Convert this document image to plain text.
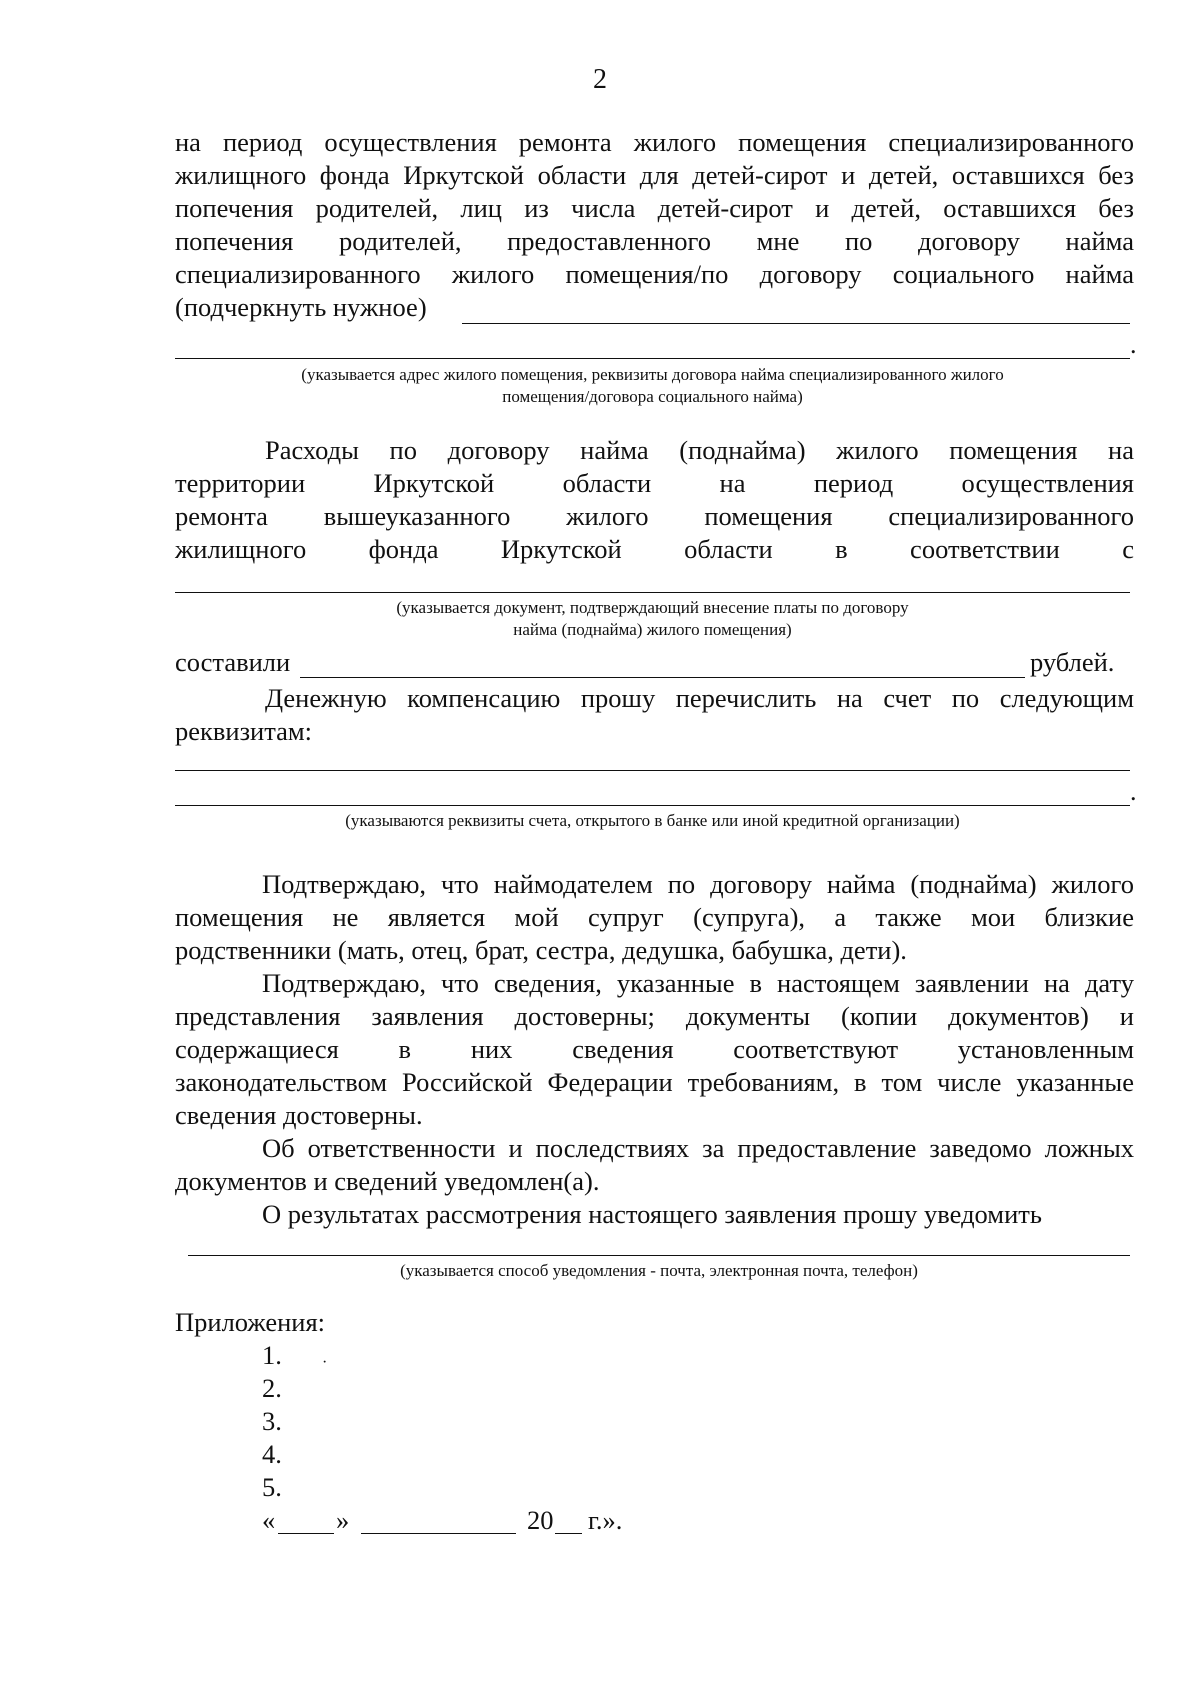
2
на период осуществления ремонта жилого помещения специализированного
жилищного фонда Иркутской области для детей-сирот и детей, оставшихся без
попечения родителей, лиц из числа детей-сирот и детей, оставшихся без
попечения родителей, предоставленного мне по договору найма
специализированного жилого помещения/по договору социального найма
(подчеркнуть нужное)
.
(указывается адрес жилого помещения, реквизиты договора найма специализированного жилого
помещения/договора социального найма)
Расходы по договору найма (поднайма) жилого помещения на
территории Иркутской области на период осуществления
ремонта вышеуказанного жилого помещения специализированного
жилищного фонда Иркутской области в соответствии с
(указывается документ, подтверждающий внесение платы по договору
найма (поднайма) жилого помещения)
составили	рублей.
Денежную компенсацию прошу перечислить на счет по следующим
реквизитам:
.
(указываются реквизиты счета, открытого в банке или иной кредитной организации)
Подтверждаю, что наймодателем по договору найма (поднайма) жилого
помещения не является мой супруг (супруга), а также мои близкие
родственники (мать, отец, брат, сестра, дедушка, бабушка, дети).
Подтверждаю, что сведения, указанные в настоящем заявлении на дату
представления заявления достоверны; документы (копии документов) и
содержащиеся в них сведения соответствуют установленным
законодательством Российской Федерации требованиям, в том числе указанные
сведения достоверны.
Об ответственности и последствиях за предоставление заведомо ложных
документов и сведений уведомлен(а).
О результатах рассмотрения настоящего заявления прошу уведомить
(указывается способ уведомления - почта, электронная почта, телефон)
Приложения:
1.	·
2.
3.
4.
5.
« »	20 г.».
